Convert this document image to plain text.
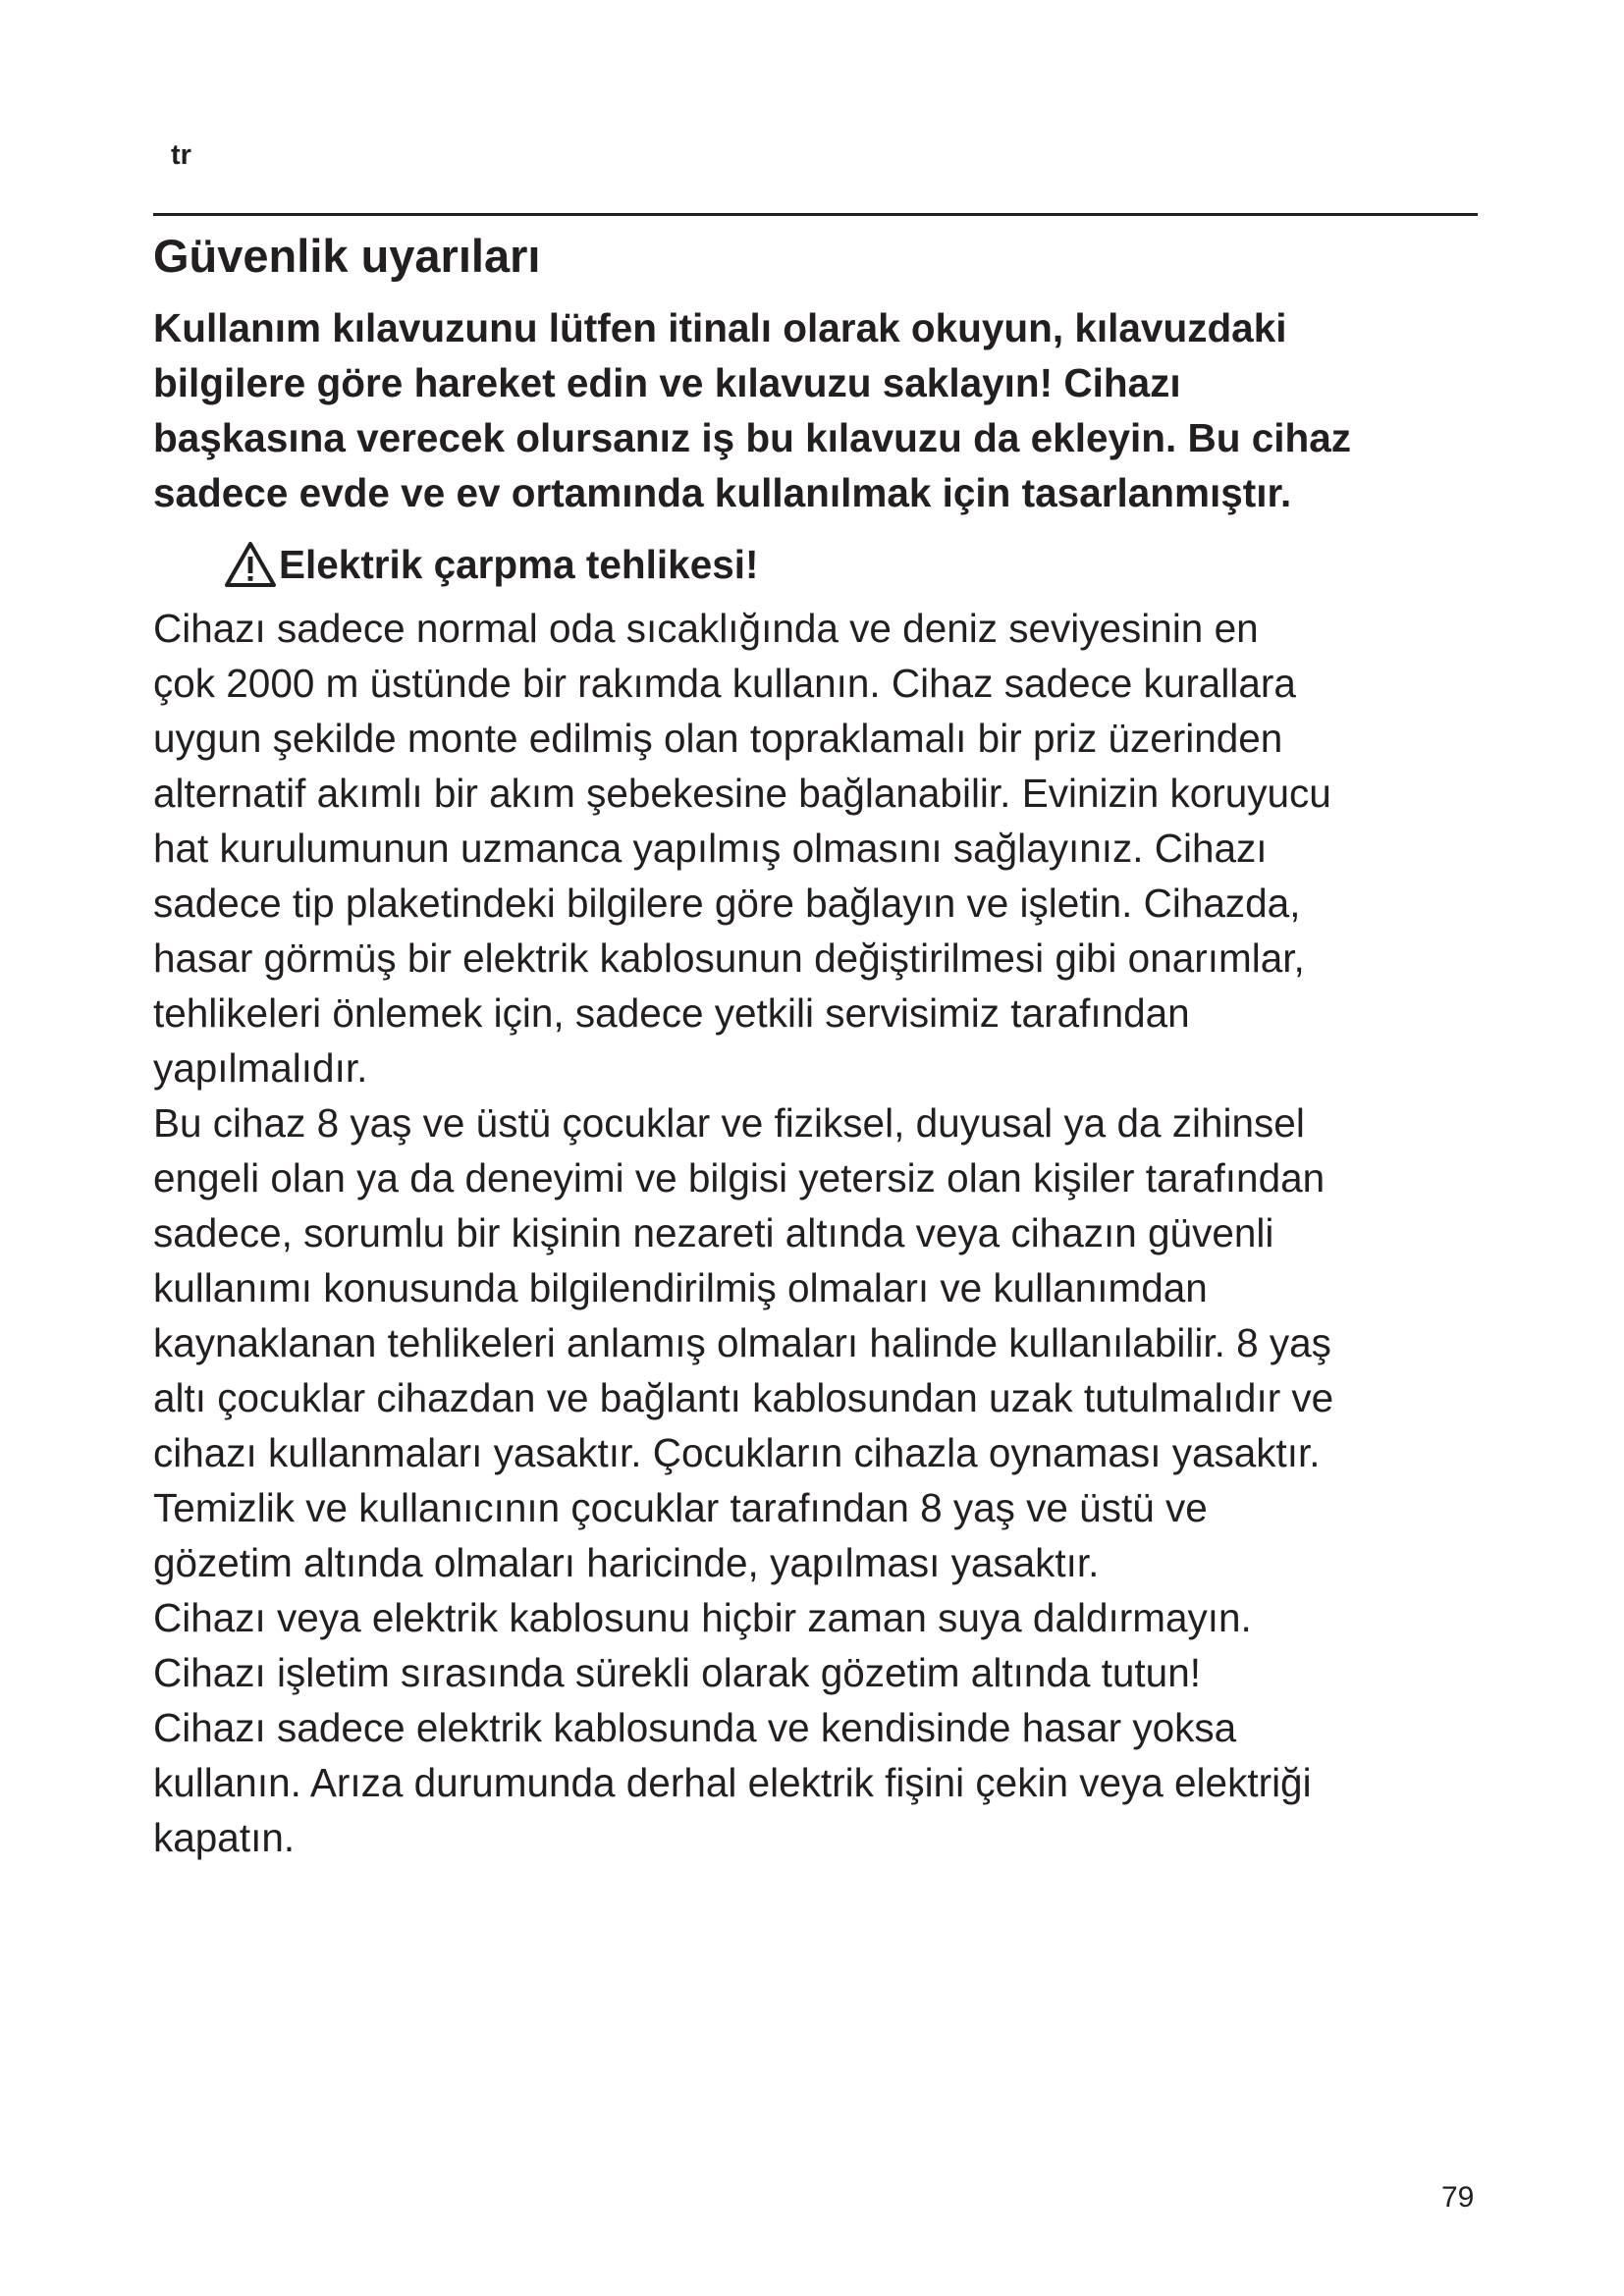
tr
Güvenlik uyarıları

Kullanım kılavuzunu lütfen itinalı olarak okuyun, kılavuzdaki
bilgilere göre hareket edin ve kılavuzu saklayın! Cihazı
başkasına verecek olursanız iş bu kılavuzu da ekleyin. Bu cihaz
sadece evde ve ev ortamında kullanılmak için tasarlanmıştır.

Elektrik çarpma tehlikesi!

Cihazı sadece normal oda sıcaklığında ve deniz seviyesinin en
çok 2000 m üstünde bir rakımda kullanın. Cihaz sadece kurallara
uygun şekilde monte edilmiş olan topraklamalı bir priz üzerinden
alternatif akımlı bir akım şebekesine bağlanabilir. Evinizin koruyucu
hat kurulumunun uzmanca yapılmış olmasını sağlayınız. Cihazı
sadece tip plaketindeki bilgilere göre bağlayın ve işletin. Cihazda,
hasar görmüş bir elektrik kablosunun değiştirilmesi gibi onarımlar,
tehlikeleri önlemek için, sadece yetkili servisimiz tarafından
yapılmalıdır.
Bu cihaz 8 yaş ve üstü çocuklar ve fiziksel, duyusal ya da zihinsel
engeli olan ya da deneyimi ve bilgisi yetersiz olan kişiler tarafından
sadece, sorumlu bir kişinin nezareti altında veya cihazın güvenli
kullanımı konusunda bilgilendirilmiş olmaları ve kullanımdan
kaynaklanan tehlikeleri anlamış olmaları halinde kullanılabilir. 8 yaş
altı çocuklar cihazdan ve bağlantı kablosundan uzak tutulmalıdır ve
cihazı kullanmaları yasaktır. Çocukların cihazla oynaması yasaktır.
Temizlik ve kullanıcının çocuklar tarafından 8 yaş ve üstü ve
gözetim altında olmaları haricinde, yapılması yasaktır.
Cihazı veya elektrik kablosunu hiçbir zaman suya daldırmayın.
Cihazı işletim sırasında sürekli olarak gözetim altında tutun!
Cihazı sadece elektrik kablosunda ve kendisinde hasar yoksa
kullanın. Arıza durumunda derhal elektrik fişini çekin veya elektriği
kapatın.

79
